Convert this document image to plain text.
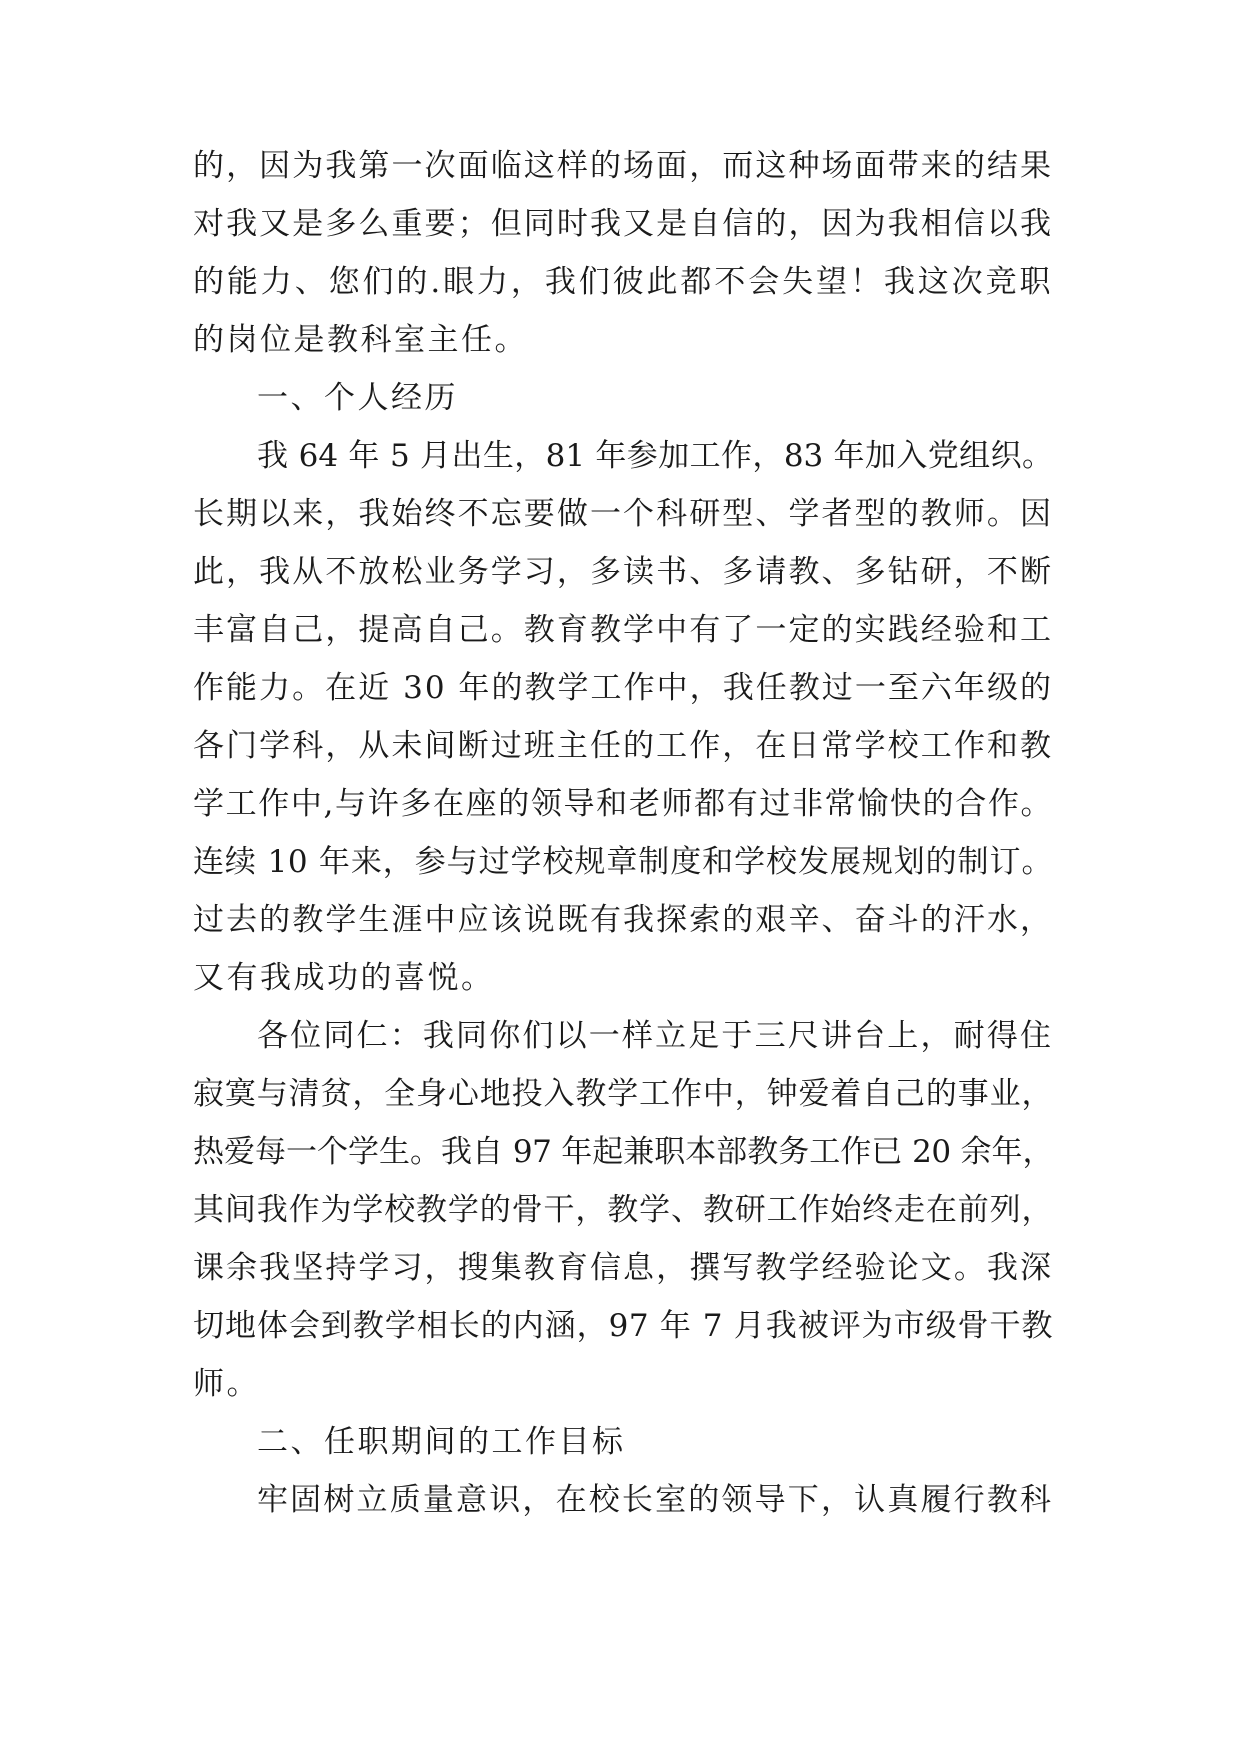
的，因为我第一次面临这样的场面，而这种场面带来的结果
对我又是多么重要；但同时我又是自信的，因为我相信以我
的能力、您们的.眼力，我们彼此都不会失望！我这次竞职
的岗位是教科室主任。
一、个人经历
我 64 年 5 月出生，81 年参加工作，83 年加入党组织。
长期以来，我始终不忘要做一个科研型、学者型的教师。因
此，我从不放松业务学习，多读书、多请教、多钻研，不断
丰富自己，提高自己。教育教学中有了一定的实践经验和工
作能力。在近 30 年的教学工作中，我任教过一至六年级的
各门学科，从未间断过班主任的工作，在日常学校工作和教
学工作中,与许多在座的领导和老师都有过非常愉快的合作。
连续 10 年来，参与过学校规章制度和学校发展规划的制订。
过去的教学生涯中应该说既有我探索的艰辛、奋斗的汗水，
又有我成功的喜悦。
各位同仁：我同你们以一样立足于三尺讲台上，耐得住
寂寞与清贫，全身心地投入教学工作中，钟爱着自己的事业，
热爱每一个学生。我自 97 年起兼职本部教务工作已 20 余年，
其间我作为学校教学的骨干，教学、教研工作始终走在前列，
课余我坚持学习，搜集教育信息，撰写教学经验论文。我深
切地体会到教学相长的内涵，97 年 7 月我被评为市级骨干教
师。
二、任职期间的工作目标
牢固树立质量意识，在校长室的领导下，认真履行教科
